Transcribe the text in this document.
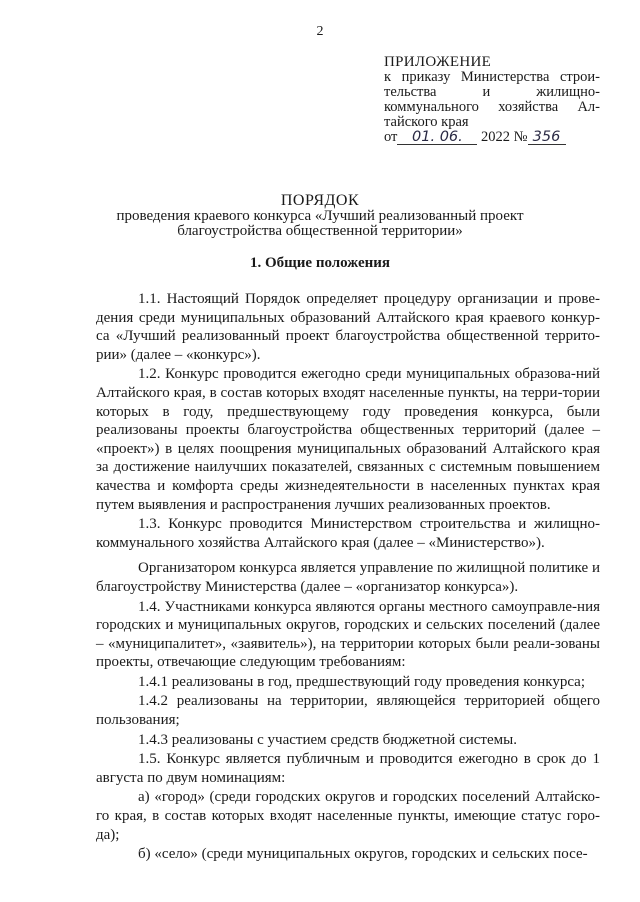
2
ПРИЛОЖЕНИЕ
к приказу Министерства строи-
тельства и жилищно-
коммунального хозяйства Ал-
тайского края
от 01. 06. 2022 № 356
ПОРЯДОК
проведения краевого конкурса «Лучший реализованный проект
благоустройства общественной территории»
1. Общие положения

1.1. Настоящий Порядок определяет процедуру организации и прове-дения среди муниципальных образований Алтайского края краевого конкур-са «Лучший реализованный проект благоустройства общественной террито-рии» (далее – «конкурс»).

1.2. Конкурс проводится ежегодно среди муниципальных образова-ний Алтайского края, в состав которых входят населенные пункты, на терри-тории которых в году, предшествующему году проведения конкурса, были реализованы проекты благоустройства общественных территорий (далее – «проект») в целях поощрения муниципальных образований Алтайского края за достижение наилучших показателей, связанных с системным повышением качества и комфорта среды жизнедеятельности в населенных пунктах края путем выявления и распространения лучших реализованных проектов.

1.3. Конкурс проводится Министерством строительства и жилищно-коммунального хозяйства Алтайского края (далее – «Министерство»).

Организатором конкурса является управление по жилищной политике и благоустройству Министерства (далее – «организатор конкурса»).

1.4. Участниками конкурса являются органы местного самоуправле-ния городских и муниципальных округов, городских и сельских поселений (далее – «муниципалитет», «заявитель»), на территории которых были реали-зованы проекты, отвечающие следующим требованиям:

1.4.1 реализованы в год, предшествующий году проведения конкурса;

1.4.2 реализованы на территории, являющейся территорией общего пользования;

1.4.3 реализованы с участием средств бюджетной системы.

1.5. Конкурс является публичным и проводится ежегодно в срок до 1 августа по двум номинациям:

а) «город» (среди городских округов и городских поселений Алтайско-го края, в состав которых входят населенные пункты, имеющие статус горо-да);

б) «село» (среди муниципальных округов, городских и сельских посе-
